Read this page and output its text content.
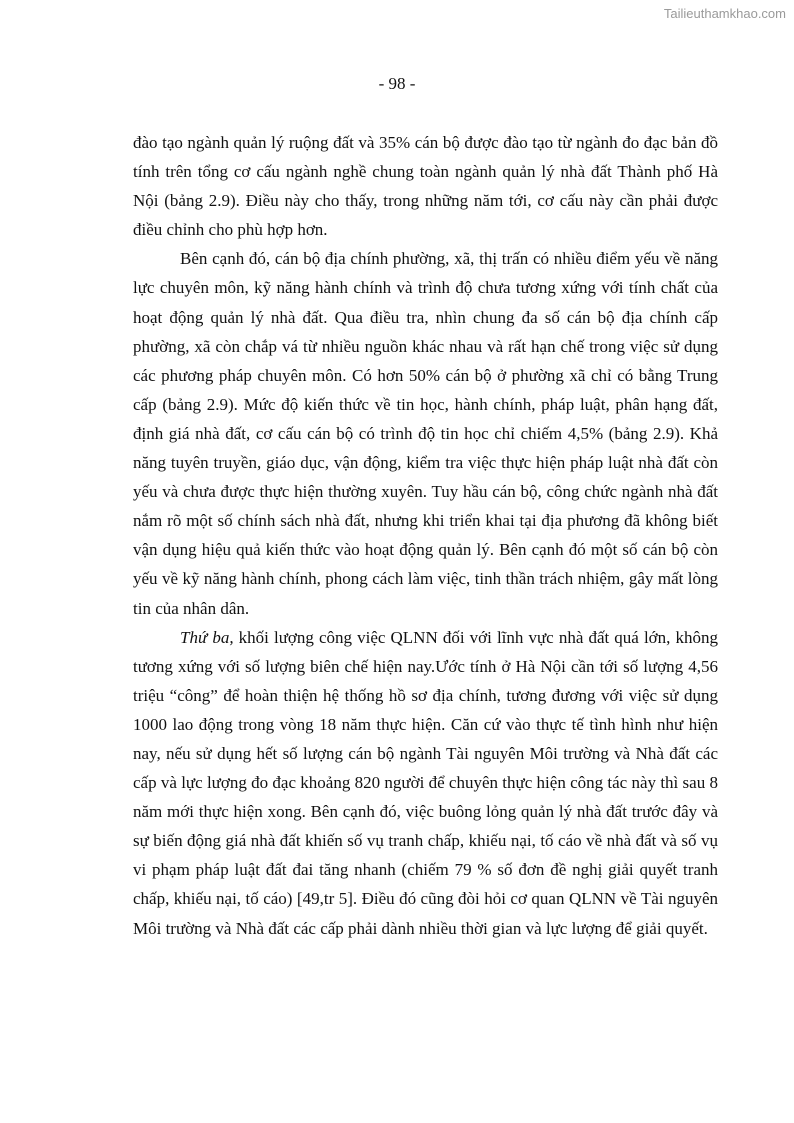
Tailieuthamkhao.com
- 98 -

đào tạo ngành quản lý ruộng đất và 35% cán bộ được đào tạo từ ngành đo đạc bản đồ tính trên tổng cơ cấu ngành nghề chung toàn ngành quản lý nhà đất Thành phố Hà Nội (bảng 2.9). Điều này cho thấy, trong những năm tới, cơ cấu này cần phải được điều chỉnh cho phù hợp hơn.

Bên cạnh đó, cán bộ địa chính phường, xã, thị trấn có nhiều điểm yếu về năng lực chuyên môn, kỹ năng hành chính và trình độ chưa tương xứng với tính chất của hoạt động quản lý nhà đất. Qua điều tra, nhìn chung đa số cán bộ địa chính cấp phường, xã còn chắp vá từ nhiều nguồn khác nhau và rất hạn chế trong việc sử dụng các phương pháp chuyên môn. Có hơn 50% cán bộ ở phường xã chỉ có bằng Trung cấp (bảng 2.9). Mức độ kiến thức về tin học, hành chính, pháp luật, phân hạng đất, định giá nhà đất, cơ cấu cán bộ có trình độ tin học chỉ chiếm 4,5% (bảng 2.9). Khả năng tuyên truyền, giáo dục, vận động, kiểm tra việc thực hiện pháp luật nhà đất còn yếu và chưa được thực hiện thường xuyên. Tuy hầu cán bộ, công chức ngành nhà đất nắm rõ một số chính sách nhà đất, nhưng khi triển khai tại địa phương đã không biết vận dụng hiệu quả kiến thức vào hoạt động quản lý. Bên cạnh đó một số cán bộ còn yếu về kỹ năng hành chính, phong cách làm việc, tinh thần trách nhiệm, gây mất lòng tin của nhân dân.

Thứ ba, khối lượng công việc QLNN đối với lĩnh vực nhà đất quá lớn, không tương xứng với số lượng biên chế hiện nay.Ước tính ở Hà Nội cần tới số lượng 4,56 triệu “công” để hoàn thiện hệ thống hồ sơ địa chính, tương đương với việc sử dụng 1000 lao động trong vòng 18 năm thực hiện. Căn cứ vào thực tế tình hình như hiện nay, nếu sử dụng hết số lượng cán bộ ngành Tài nguyên Môi trường và Nhà đất các cấp và lực lượng đo đạc khoảng 820 người để chuyên thực hiện công tác này thì sau 8 năm mới thực hiện xong. Bên cạnh đó, việc buông lỏng quản lý nhà đất trước đây và sự biến động giá nhà đất khiến số vụ tranh chấp, khiếu nại, tố cáo về nhà đất và số vụ vi phạm pháp luật đất đai tăng nhanh (chiếm 79 % số đơn đề nghị giải quyết tranh chấp, khiếu nại, tố cáo) [49,tr 5]. Điều đó cũng đòi hỏi cơ quan QLNN về Tài nguyên Môi trường và Nhà đất các cấp phải dành nhiều thời gian và lực lượng để giải quyết.
